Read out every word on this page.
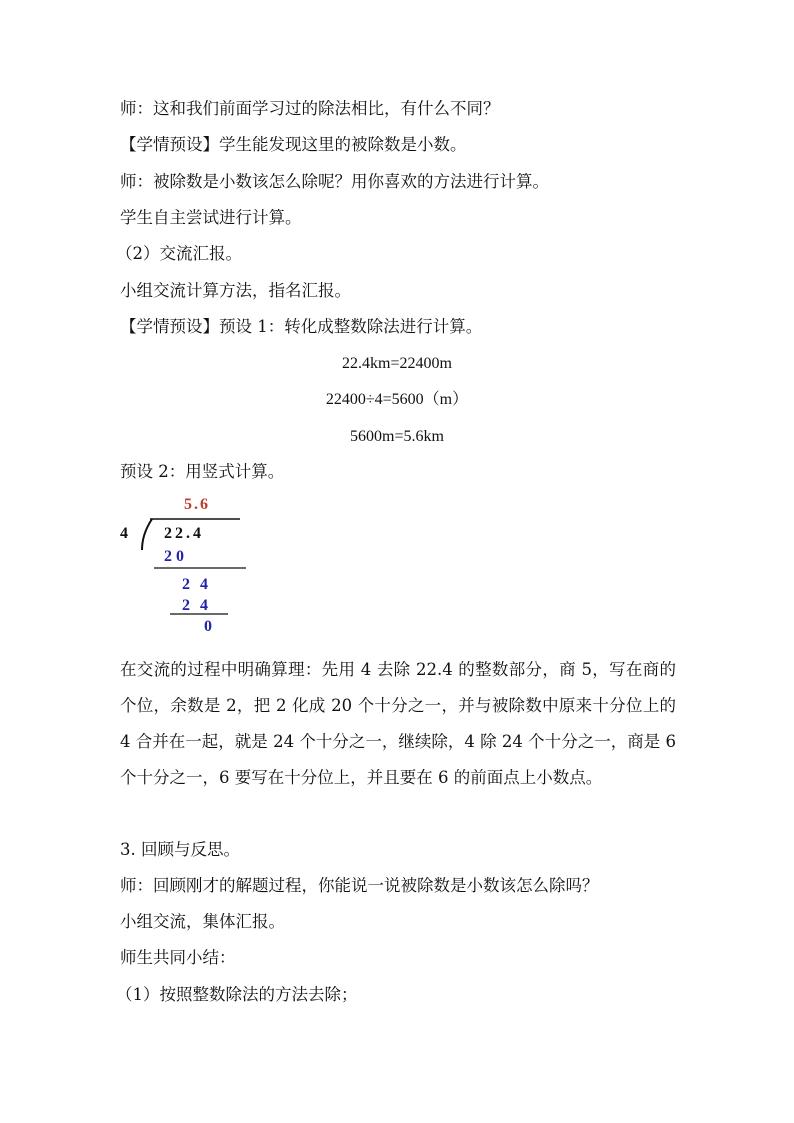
师：这和我们前面学习过的除法相比，有什么不同？
【学情预设】学生能发现这里的被除数是小数。
师：被除数是小数该怎么除呢？用你喜欢的方法进行计算。
学生自主尝试进行计算。
（2）交流汇报。
小组交流计算方法，指名汇报。
【学情预设】预设 1：转化成整数除法进行计算。
22.4km=22400m
22400÷4=5600（m）
5600m=5.6km
预设 2：用竖式计算。
5.6
4 22.4
20
24
24
0
在交流的过程中明确算理：先用 4 去除 22.4 的整数部分，商 5，写在商的个位，余数是 2，把 2 化成 20 个十分之一，并与被除数中原来十分位上的 4 合并在一起，就是 24 个十分之一，继续除，4 除 24 个十分之一，商是 6 个十分之一，6 要写在十分位上，并且要在 6 的前面点上小数点。
3. 回顾与反思。
师：回顾刚才的解题过程，你能说一说被除数是小数该怎么除吗？
小组交流，集体汇报。
师生共同小结：
（1）按照整数除法的方法去除；
